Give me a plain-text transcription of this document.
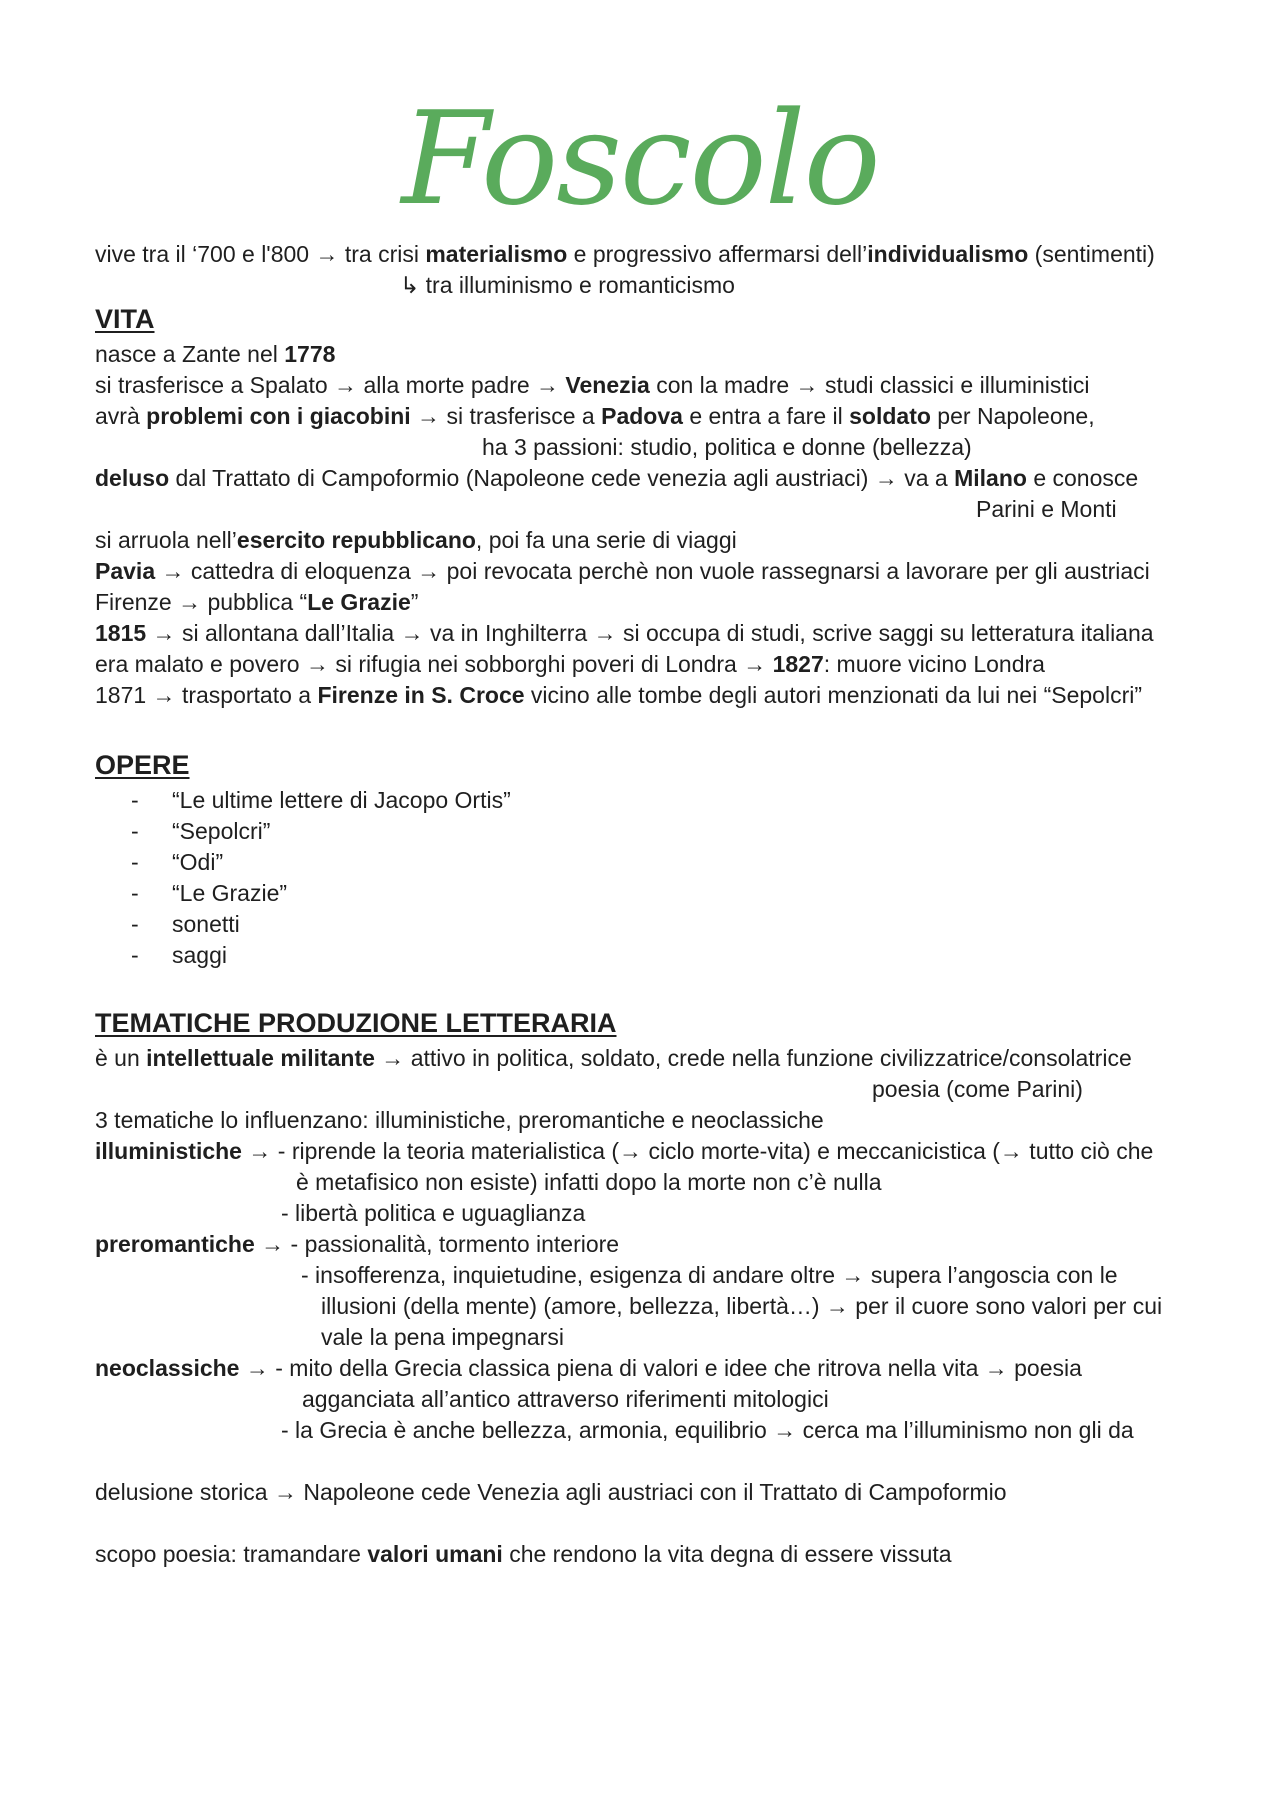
Foscolo
vive tra il ‘700 e l'800 → tra crisi materialismo e progressivo affermarsi dell’individualismo (sentimenti)
↳ tra illuminismo e romanticismo
VITA
nasce a Zante nel 1778
si trasferisce a Spalato → alla morte padre → Venezia con la madre → studi classici e illuministici
avrà problemi con i giacobini → si trasferisce a Padova e entra a fare il soldato per Napoleone,
ha 3 passioni: studio, politica e donne (bellezza)
deluso dal Trattato di Campoformio (Napoleone cede venezia agli austriaci) → va a Milano e conosce
Parini e Monti
si arruola nell’esercito repubblicano, poi fa una serie di viaggi
Pavia → cattedra di eloquenza → poi revocata perchè non vuole rassegnarsi a lavorare per gli austriaci
Firenze → pubblica “Le Grazie”
1815 → si allontana dall’Italia → va in Inghilterra → si occupa di studi, scrive saggi su letteratura italiana
era malato e povero → si rifugia nei sobborghi poveri di Londra → 1827: muore vicino Londra
1871 → trasportato a Firenze in S. Croce vicino alle tombe degli autori menzionati da lui nei “Sepolcri”
OPERE
- “Le ultime lettere di Jacopo Ortis”
- “Sepolcri”
- “Odi”
- “Le Grazie”
- sonetti
- saggi
TEMATICHE PRODUZIONE LETTERARIA
è un intellettuale militante → attivo in politica, soldato, crede nella funzione civilizzatrice/consolatrice
poesia (come Parini)
3 tematiche lo influenzano: illuministiche, preromantiche e neoclassiche
illuministiche → - riprende la teoria materialistica (→ ciclo morte-vita) e meccanicistica (→ tutto ciò che
è metafisico non esiste) infatti dopo la morte non c’è nulla
- libertà politica e uguaglianza
preromantiche → - passionalità, tormento interiore
- insofferenza, inquietudine, esigenza di andare oltre → supera l’angoscia con le
illusioni (della mente) (amore, bellezza, libertà…) → per il cuore sono valori per cui
vale la pena impegnarsi
neoclassiche → - mito della Grecia classica piena di valori e idee che ritrova nella vita → poesia
agganciata all’antico attraverso riferimenti mitologici
- la Grecia è anche bellezza, armonia, equilibrio → cerca ma l’illuminismo non gli da
delusione storica → Napoleone cede Venezia agli austriaci con il Trattato di Campoformio
scopo poesia: tramandare valori umani che rendono la vita degna di essere vissuta
